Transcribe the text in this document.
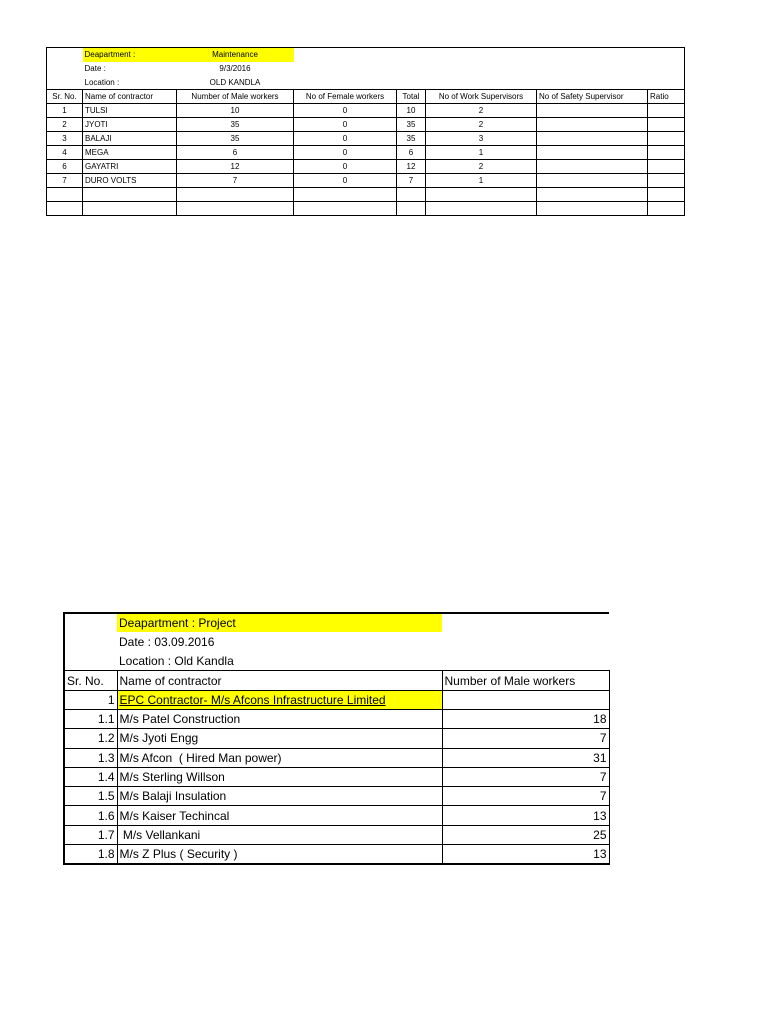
	Deapartment :	Maintenance					
	Date :	9/3/2016					
	Location :	OLD KANDLA					
Sr. No.	Name of contractor	Number of Male workers	No of Female workers	Total	No of Work Supervisors	No of Safety Supervisor	Ratio
1	TULSI	10	0	10	2		
2	JYOTI	35	0	35	2		
3	BALAJI	35	0	35	3		
4	MEGA	6	0	6	1		
6	GAYATRI	12	0	12	2		
7	DURO VOLTS	7	0	7	1		

	Deapartment : Project	
	Date : 03.09.2016	
	Location : Old Kandla	
Sr. No.	Name of contractor	Number of Male workers
1	EPC Contractor- M/s Afcons Infrastructure Limited	
1.1	M/s Patel Construction	18
1.2	M/s Jyoti Engg	7
1.3	M/s Afcon  ( Hired Man power)	31
1.4	M/s Sterling Willson	7
1.5	M/s Balaji Insulation	7
1.6	M/s Kaiser Techincal	13
1.7	M/s Vellankani	25
1.8	M/s Z Plus ( Security )	13
